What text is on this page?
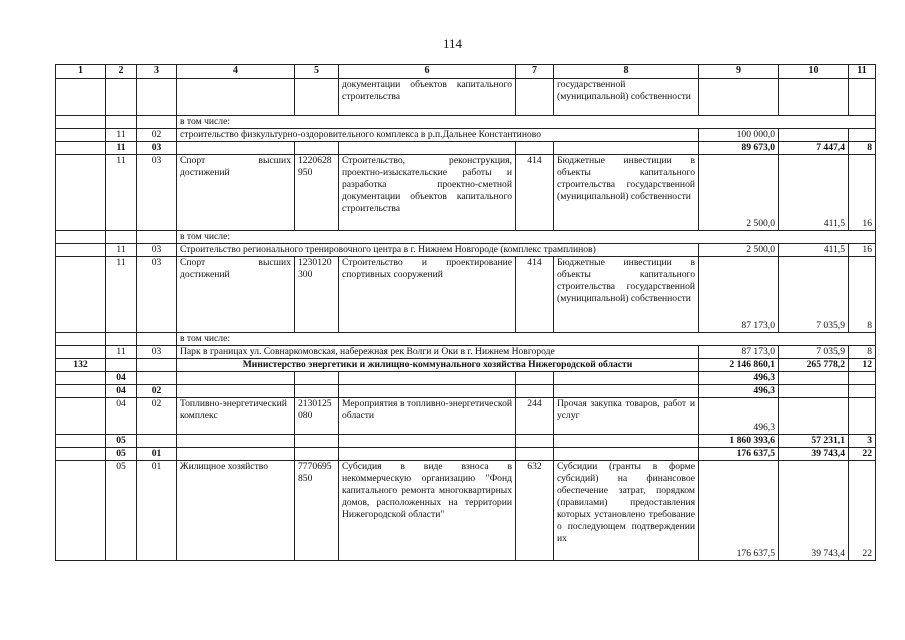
114
1	2	3	4	5	6	7	8	9	10	11
					документации объектов капитального строительства		государственной (муниципальной) собственности			
			в том числе:							
	11	02	строительство физкультурно-оздоровительного комплекса в р.п.Дальнее Константиново					100 000,0		
	11	03						89 673,0	7 447,4	8
	11	03	Спорт высших достижений	1220628950	Строительство, реконструкция, проектно-изыскательские работы и разработка проектно-сметной документации объектов капитального строительства	414	Бюджетные инвестиции в объекты капитального строительства государственной (муниципальной) собственности	2 500,0	411,5	16
			в том числе:							
	11	03	Строительство регионального тренировочного центра в г. Нижнем Новгороде (комплекс трамплинов)					2 500,0	411,5	16
	11	03	Спорт высших достижений	1230120300	Строительство и проектирование спортивных сооружений	414	Бюджетные инвестиции в объекты капитального строительства государственной (муниципальной) собственности	87 173,0	7 035,9	8
			в том числе:							
	11	03	Парк в границах ул. Совнаркомовская, набережная рек Волги и Оки в г. Нижнем Новгороде					87 173,0	7 035,9	8
132			Министерство энергетики и жилищно-коммунального хозяйства Нижегородской области					2 146 860,1	265 778,2	12
	04							496,3		
	04	02						496,3		
	04	02	Топливно-энергетический комплекс	2130125080	Мероприятия в топливно-энергетической области	244	Прочая закупка товаров, работ и услуг	496,3		
	05							1 860 393,6	57 231,1	3
	05	01						176 637,5	39 743,4	22
	05	01	Жилищное хозяйство	7770695850	Субсидия в виде взноса в некоммерческую организацию "Фонд капитального ремонта многоквартирных домов, расположенных на территории Нижегородской области"	632	Субсидии (гранты в форме субсидий) на финансовое обеспечение затрат, порядком (правилами) предоставления которых установлено требование о последующем подтверждении их	176 637,5	39 743,4	22
